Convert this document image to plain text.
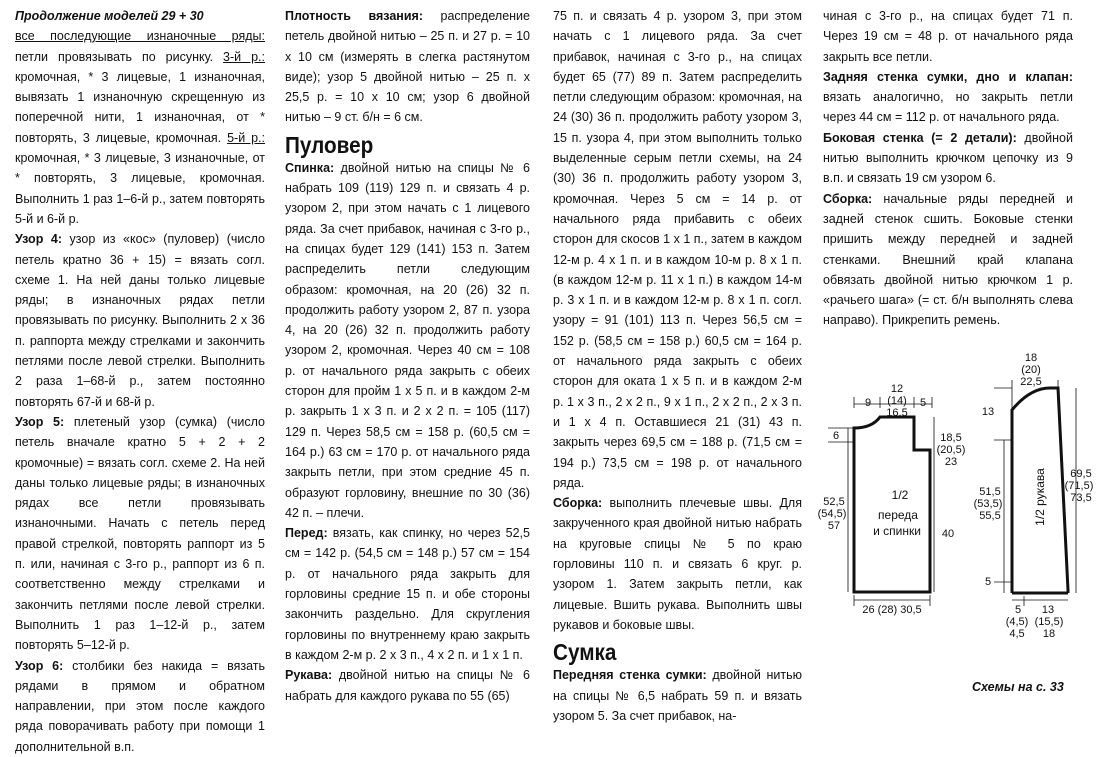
Продолжение моделей 29 + 30

все последующие изнаночные ряды: петли провязывать по рисунку. 3-й р.: кромочная, * 3 лицевые, 1 изнаночная, вывязать 1 изнаночную скрещенную из поперечной нити, 1 изнаночная, от * повторять, 3 лицевые, кромочная. 5-й р.: кромочная, * 3 лицевые, 3 изнаночные, от * повторять, 3 лицевые, кромочная. Выполнить 1 раз 1–6-й р., затем повторять 5-й и 6-й р.

Узор 4: узор из «кос» (пуловер) (число петель кратно 36 + 15) = вязать согл. схеме 1. На ней даны только лицевые ряды; в изнаночных рядах петли провязывать по рисунку. Выполнить 2 х 36 п. раппорта между стрелками и закончить петлями после левой стрелки. Выполнить 2 раза 1–68-й р., затем постоянно повторять 67-й и 68-й р.

Узор 5: плетеный узор (сумка) (число петель вначале кратно 5 + 2 + 2 кромочные) = вязать согл. схеме 2. На ней даны только лицевые ряды; в изнаночных рядах все петли провязывать изнаночными. Начать с петель перед правой стрелкой, повторять раппорт из 5 п. или, начиная с 3-го р., раппорт из 6 п. соответственно между стрелками и закончить петлями после левой стрелки. Выполнить 1 раз 1–12-й р., затем повторять 5–12-й р.

Узор 6: столбики без накида = вязать рядами в прямом и обратном направлении, при этом после каждого ряда поворачивать работу при помощи 1 дополнительной в.п.

Плотность вязания: распределение петель двойной нитью – 25 п. и 27 р. = 10 х 10 см (измерять в слегка растянутом виде); узор 5 двойной нитью – 25 п. х 25,5 р. = 10 х 10 см; узор 6 двойной нитью – 9 ст. б/н = 6 см.

Пуловер

Спинка: двойной нитью на спицы № 6 набрать 109 (119) 129 п. и связать 4 р. узором 2, при этом начать с 1 лицевого ряда. За счет прибавок, начиная с 3-го р., на спицах будет 129 (141) 153 п. Затем распределить петли следующим образом: кромочная, на 20 (26) 32 п. продолжить работу узором 2, 87 п. узора 4, на 20 (26) 32 п. продолжить работу узором 2, кромочная. Через 40 см = 108 р. от начального ряда закрыть с обеих сторон для пройм 1 х 5 п. и в каждом 2-м р. закрыть 1 х 3 п. и 2 х 2 п. = 105 (117) 129 п. Через 58,5 см = 158 р. (60,5 см = 164 р.) 63 см = 170 р. от начального ряда закрыть петли, при этом средние 45 п. образуют горловину, внешние по 30 (36) 42 п. – плечи.

Перед: вязать, как спинку, но через 52,5 см = 142 р. (54,5 см = 148 р.) 57 см = 154 р. от начального ряда закрыть для горловины средние 15 п. и обе стороны закончить раздельно. Для скругления горловины по внутреннему краю закрыть в каждом 2-м р. 2 х 3 п., 4 х 2 п. и 1 х 1 п.

Рукава: двойной нитью на спицы № 6 набрать для каждого рукава по 55 (65)

75 п. и связать 4 р. узором 3, при этом начать с 1 лицевого ряда. За счет прибавок, начиная с 3-го р., на спицах будет 65 (77) 89 п. Затем распределить петли следующим образом: кромочная, на 24 (30) 36 п. продолжить работу узором 3, 15 п. узора 4, при этом выполнить только выделенные серым петли схемы, на 24 (30) 36 п. продолжить работу узором 3, кромочная. Через 5 см = 14 р. от начального ряда прибавить с обеих сторон для скосов 1 х 1 п., затем в каждом 12-м р. 4 х 1 п. и в каждом 10-м р. 8 х 1 п. (в каждом 12-м р. 11 х 1 п.) в каждом 14-м р. 3 х 1 п. и в каждом 12-м р. 8 х 1 п. согл. узору = 91 (101) 113 п. Через 56,5 см = 152 р. (58,5 см = 158 р.) 60,5 см = 164 р. от начального ряда закрыть с обеих сторон для оката 1 х 5 п. и в каждом 2-м р. 1 х 3 п., 2 х 2 п., 9 х 1 п., 2 х 2 п., 2 х 3 п. и 1 х 4 п. Оставшиеся 21 (31) 43 п. закрыть через 69,5 см = 188 р. (71,5 см = 194 р.) 73,5 см = 198 р. от начального ряда.

Сборка: выполнить плечевые швы. Для закрученного края двойной нитью набрать на круговые спицы № 5 по краю горловины 110 п. и связать 6 круг. р. узором 1. Затем закрыть петли, как лицевые. Вшить рукава. Выполнить швы рукавов и боковые швы.

Сумка

Передняя стенка сумки: двойной нитью на спицы № 6,5 набрать 59 п. и вязать узором 5. За счет прибавок, на-

чиная с 3-го р., на спицах будет 71 п. Через 19 см = 48 р. от начального ряда закрыть все петли.

Задняя стенка сумки, дно и клапан: вязать аналогично, но закрыть петли через 44 см = 112 р. от начального ряда.

Боковая стенка (= 2 детали): двойной нитью выполнить крючком цепочку из 9 в.п. и связать 19 см узором 6.

Сборка: начальные ряды передней и задней стенок сшить. Боковые стенки пришить между передней и задней стенками. Внешний край клапана обвязать двойной нитью крючком 1 р. «рачьего шага» (= ст. б/н выполнять слева направо). Прикрепить ремень.

1/2
переда
и спинки
9
12
(14)
16,5
5
6	18,5
(20,5)
23
52,5
(54,5)
57
40
26 (28) 30,5
1/2 рукава
18
(20)
22,5
13
51,5
(53,5)
55,5
69,5
(71,5)
73,5
5
5	13
(4,5)
4,5
(15,5)
18
Схемы на с. 33
